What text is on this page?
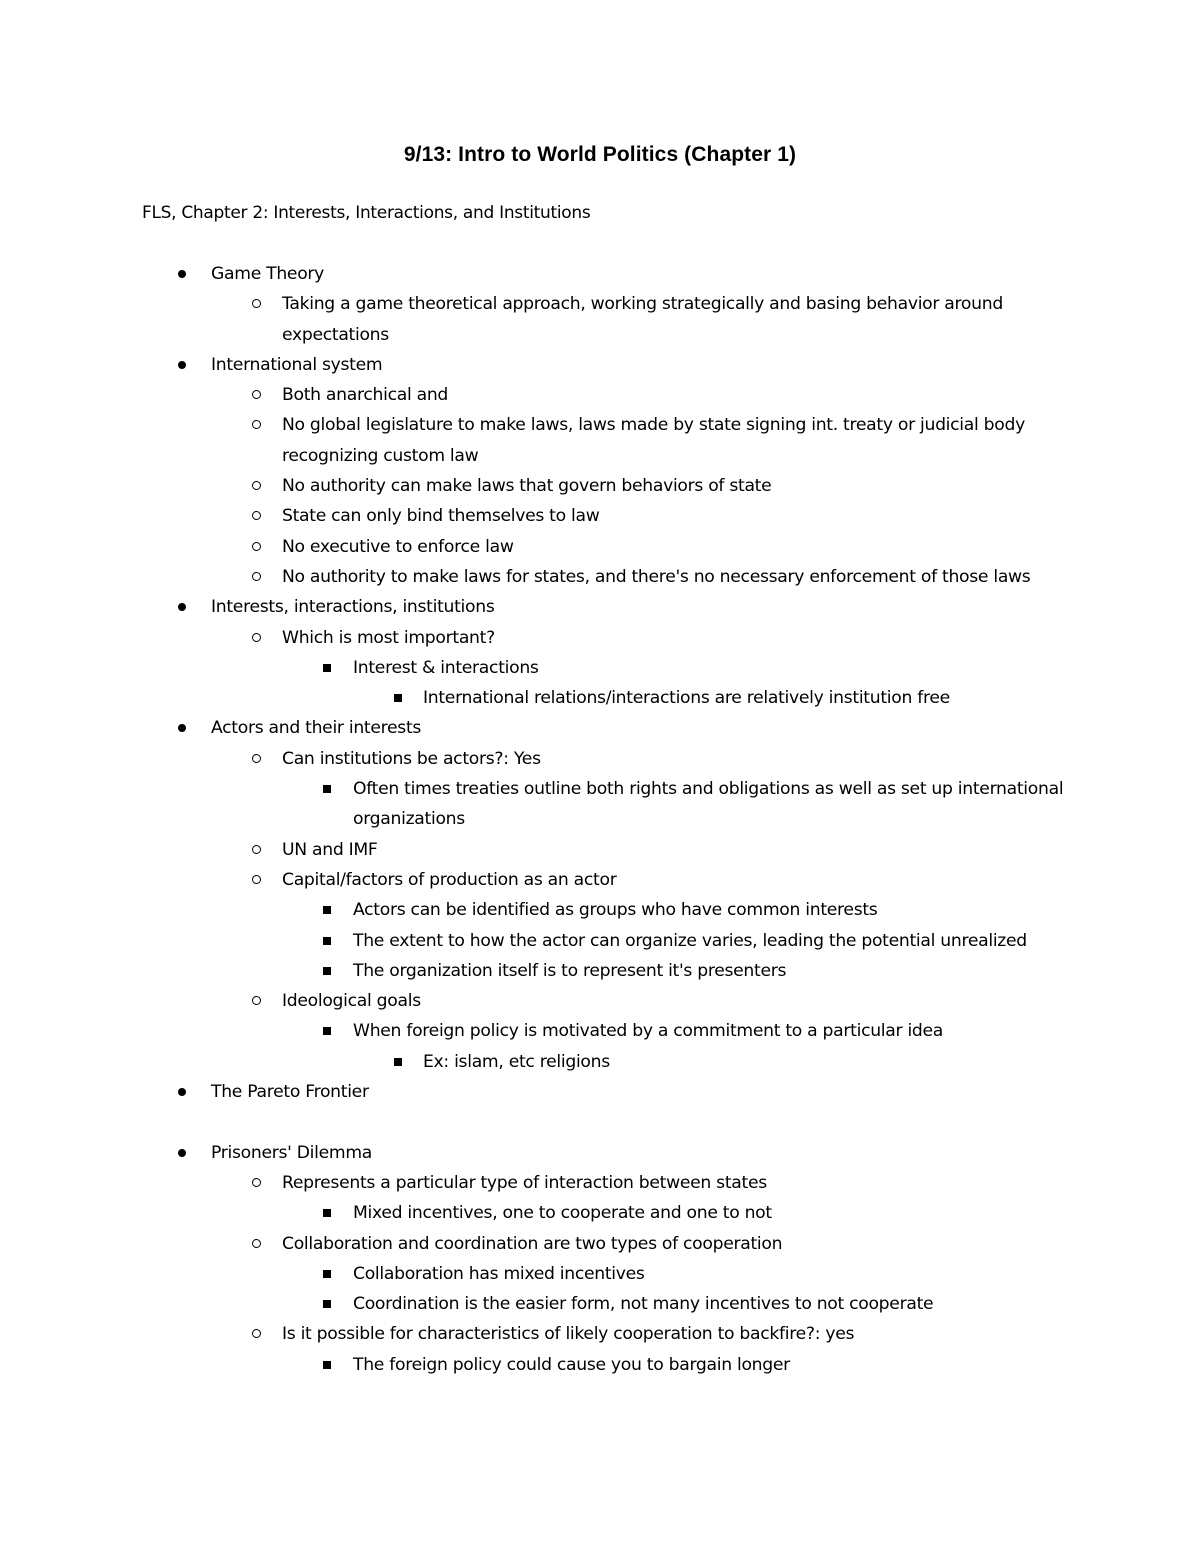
9/13: Intro to World Politics (Chapter 1)
FLS, Chapter 2: Interests, Interactions, and Institutions
Game Theory
Taking a game theoretical approach, working strategically and basing behavior around expectations
International system
Both anarchical and
No global legislature to make laws, laws made by state signing int. treaty or judicial body recognizing custom law
No authority can make laws that govern behaviors of state
State can only bind themselves to law
No executive to enforce law
No authority to make laws for states, and there's no necessary enforcement of those laws
Interests, interactions, institutions
Which is most important?
Interest & interactions
International relations/interactions are relatively institution free
Actors and their interests
Can institutions be actors?: Yes
Often times treaties outline both rights and obligations as well as set up international organizations
UN and IMF
Capital/factors of production as an actor
Actors can be identified as groups who have common interests
The extent to how the actor can organize varies, leading the potential unrealized
The organization itself is to represent it's presenters
Ideological goals
When foreign policy is motivated by a commitment to a particular idea
Ex: islam, etc religions
The Pareto Frontier
Prisoners' Dilemma
Represents a particular type of interaction between states
Mixed incentives, one to cooperate and one to not
Collaboration and coordination are two types of cooperation
Collaboration has mixed incentives
Coordination is the easier form, not many incentives to not cooperate
Is it possible for characteristics of likely cooperation to backfire?: yes
The foreign policy could cause you to bargain longer
